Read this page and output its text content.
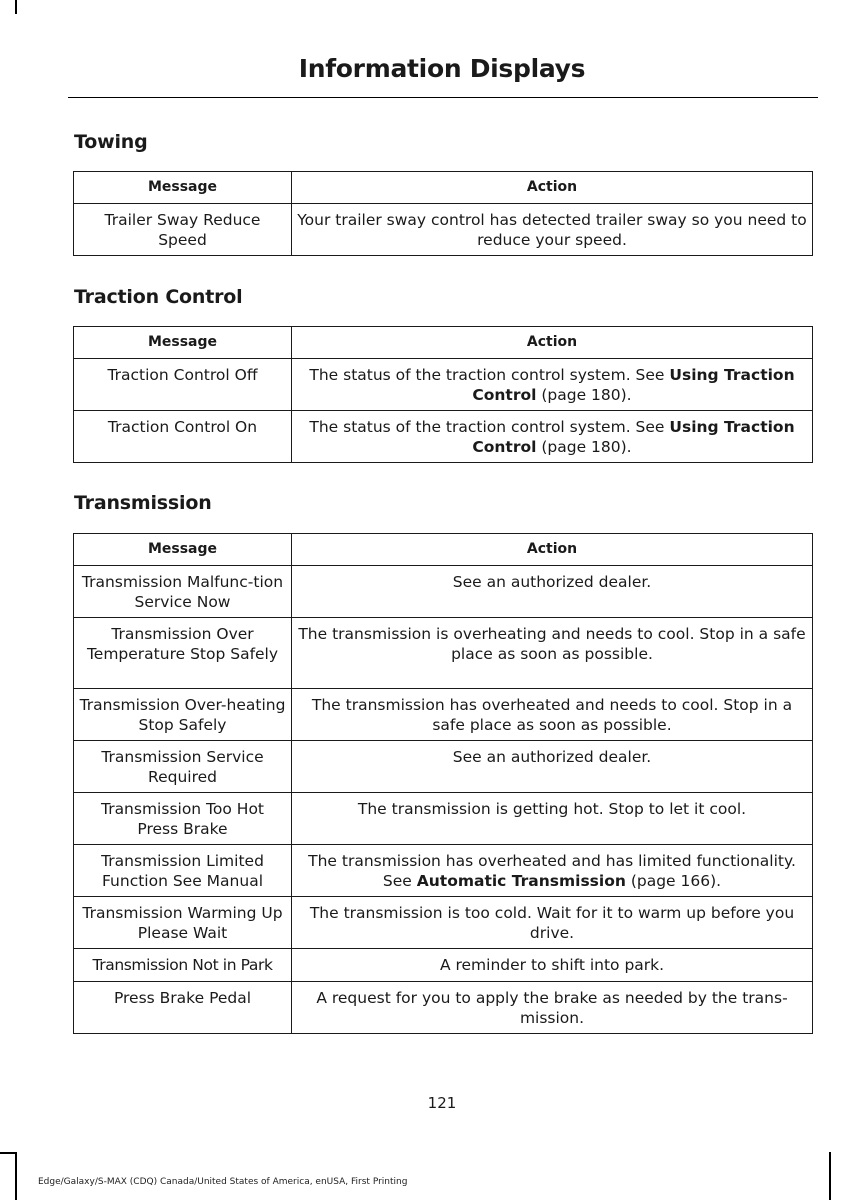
Information Displays
Towing
Message	Action
Trailer Sway Reduce Speed	Your trailer sway control has detected trailer sway so you need to reduce your speed.
Traction Control
Message	Action
Traction Control Off	The status of the traction control system. See Using Traction Control (page 180).
Traction Control On	The status of the traction control system. See Using Traction Control (page 180).
Transmission
Message	Action
Transmission Malfunc-tion Service Now	See an authorized dealer.
Transmission Over Temperature Stop Safely	The transmission is overheating and needs to cool. Stop in a safe place as soon as possible.
Transmission Over-heating Stop Safely	The transmission has overheated and needs to cool. Stop in a safe place as soon as possible.
Transmission Service Required	See an authorized dealer.
Transmission Too Hot Press Brake	The transmission is getting hot. Stop to let it cool.
Transmission Limited Function See Manual	The transmission has overheated and has limited functionality. See Automatic Transmission (page 166).
Transmission Warming Up Please Wait	The transmission is too cold. Wait for it to warm up before you drive.
Transmission Not in Park	A reminder to shift into park.
Press Brake Pedal	A request for you to apply the brake as needed by the trans-mission.
121
Edge/Galaxy/S-MAX (CDQ) Canada/United States of America, enUSA, First Printing
